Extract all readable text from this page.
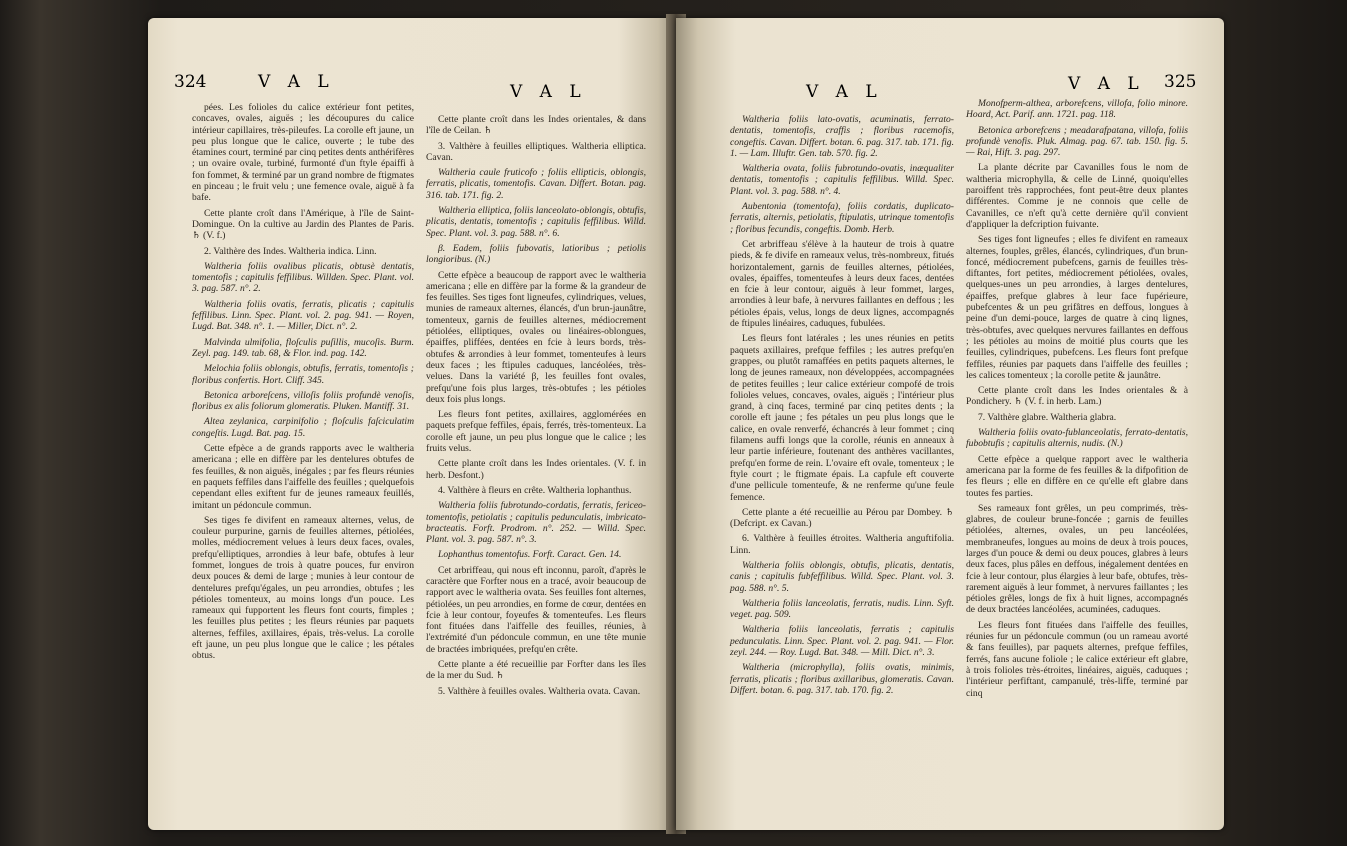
324	V A L	V A L

pées. Les folioles du calice extérieur font petites, concaves, ovales, aiguës ; les découpures du calice intérieur capillaires, très-pileufes. La corolle eft jaune, un peu plus longue que le calice, ouverte ; le tube des étamines court, terminé par cinq petites dents anthérifères ; un ovaire ovale, turbiné, furmonté d'un ftyle épaiffi à fon fommet, & terminé par un grand nombre de ftigmates en pinceau ; le fruit velu ; une femence ovale, aiguë à fa bafe.

Cette plante croît dans l'Amérique, à l'île de Saint-Domingue. On la cultive au Jardin des Plantes de Paris. ♄ (V. f.)

2. Valthère des Indes. Waltheria indica. Linn.

Waltheria foliis ovalibus plicatis, obtusè dentatis, tomentofis ; capitulis feffilibus. Willden. Spec. Plant. vol. 3. pag. 587. n°. 2.

Waltheria foliis ovatis, ferratis, plicatis ; capitulis feffilibus. Linn. Spec. Plant. vol. 2. pag. 941. — Royen, Lugd. Bat. 348. n°. 1. — Miller, Dict. n°. 2.

Malvinda ulmifolia, floſculis puſillis, mucoſis. Burm. Zeyl. pag. 149. tab. 68, & Flor. ind. pag. 142.

Melochia foliis oblongis, obtufis, ferratis, tomentoſis ; floribus confertis. Hort. Cliff. 345.

Betonica arboreſcens, villoſis foliis profundè venoſis, floribus ex alis foliorum glomeratis. Pluken. Mantiff. 31.

Altea zeylanica, carpinifolio ; floſculis faſciculatim congeſtis. Lugd. Bat. pag. 15.

Cette efpèce a de grands rapports avec le waltheria americana ; elle en diffère par les dentelures obtufes de fes feuilles, & non aiguës, inégales ; par fes fleurs réunies en paquets feffiles dans l'aiffelle des feuilles ; quelquefois cependant elles exiftent fur de jeunes rameaux feuillés, imitant un pédoncule commun.

Ses tiges fe divifent en rameaux alternes, velus, de couleur purpurine, garnis de feuilles alternes, pétiolées, molles, médiocrement velues à leurs deux faces, ovales, prefqu'elliptiques, arrondies à leur bafe, obtufes à leur fommet, longues de trois à quatre pouces, fur environ deux pouces & demi de large ; munies à leur contour de dentelures prefqu'égales, un peu arrondies, obtufes ; les pétioles tomenteux, au moins longs d'un pouce. Les rameaux qui fupportent les fleurs font courts, fimples ; les feuilles plus petites ; les fleurs réunies par paquets alternes, feffiles, axillaires, épais, très-velus. La corolle eft jaune, un peu plus longue que le calice ; les pétales obtus.

Cette plante croît dans les Indes orientales, & dans l'île de Ceilan. ♄

3. Valthère à feuilles elliptiques. Waltheria elliptica. Cavan.

Waltheria caule fruticofo ; foliis ellipticis, oblongis, ferratis, plicatis, tomentofis. Cavan. Differt. Botan. pag. 316. tab. 171. fig. 2.

Waltheria elliptica, foliis lanceolato-oblongis, obtufis, plicatis, dentatis, tomentofis ; capitulis feffilibus. Willd. Spec. Plant. vol. 3. pag. 588. n°. 6.

β. Eadem, foliis fubovatis, latioribus ; petiolis longioribus. (N.)

Cette efpèce a beaucoup de rapport avec le waltheria americana ; elle en diffère par la forme & la grandeur de fes feuilles. Ses tiges font ligneufes, cylindriques, velues, munies de rameaux alternes, élancés, d'un brun-jaunâtre, tomenteux, garnis de feuilles alternes, médiocrement pétiolées, elliptiques, ovales ou linéaires-oblongues, épaiffes, pliffées, dentées en fcie à leurs bords, très-obtufes & arrondies à leur fommet, tomenteufes à leurs deux faces ; les ftipules caduques, lancéolées, très-velues. Dans la variété β, les feuilles font ovales, prefqu'une fois plus larges, très-obtufes ; les pétioles deux fois plus longs.

Les fleurs font petites, axillaires, agglomérées en paquets prefque feffiles, épais, ferrés, très-tomenteux. La corolle eft jaune, un peu plus longue que le calice ; les fruits velus.

Cette plante croît dans les Indes orientales. (V. f. in herb. Desfont.)

4. Valthère à fleurs en crête. Waltheria lophanthus.

Waltheria foliis fubrotundo-cordatis, ferratis, fericeo-tomentofis, petiolatis ; capitulis pedunculatis, imbricato-bracteatis. Forft. Prodrom. n°. 252. — Willd. Spec. Plant. vol. 3. pag. 587. n°. 3.

Lophanthus tomentofus. Forft. Caract. Gen. 14.

Cet arbriffeau, qui nous eft inconnu, paroît, d'après le caractère que Forfter nous en a tracé, avoir beaucoup de rapport avec le waltheria ovata. Ses feuilles font alternes, pétiolées, un peu arrondies, en forme de cœur, dentées en fcie à leur contour, foyeufes & tomenteufes. Les fleurs font fituées dans l'aiffelle des feuilles, réunies, à l'extrémité d'un pédoncule commun, en une tête munie de bractées imbriquées, prefqu'en crête.

Cette plante a été recueillie par Forfter dans les îles de la mer du Sud. ♄

5. Valthère à feuilles ovales. Waltheria ovata. Cavan.

V A L	V A L 325

Waltheria foliis lato-ovatis, acuminatis, ferrato-dentatis, tomentofis, craffis ; floribus racemofis, congeftis. Cavan. Differt. botan. 6. pag. 317. tab. 171. fig. 1. — Lam. Illuftr. Gen. tab. 570. fig. 2.

Waltheria ovata, foliis fubrotundo-ovatis, inæqualiter dentatis, tomentofis ; capitulis feffilibus. Willd. Spec. Plant. vol. 3. pag. 588. n°. 4.

Aubentonia (tomentofa), foliis cordatis, duplicato-ferratis, alternis, petiolatis, ftipulatis, utrinque tomentofis ; floribus fecundis, congeftis. Domb. Herb.

Cet arbriffeau s'élève à la hauteur de trois à quatre pieds, & fe divife en rameaux velus, très-nombreux, fitués horizontalement, garnis de feuilles alternes, pétiolées, ovales, épaiffes, tomenteufes à leurs deux faces, dentées en fcie à leur contour, aiguës à leur fommet, larges, arrondies à leur bafe, à nervures faillantes en deffous ; les pétioles épais, velus, longs de deux lignes, accompagnés de ftipules linéaires, caduques, fubulées.

Les fleurs font latérales ; les unes réunies en petits paquets axillaires, prefque feffiles ; les autres prefqu'en grappes, ou plutôt ramaffées en petits paquets alternes, le long de jeunes rameaux, non développées, accompagnées de petites feuilles ; leur calice extérieur compofé de trois folioles velues, concaves, ovales, aiguës ; l'intérieur plus grand, à cinq faces, terminé par cinq petites dents ; la corolle eft jaune ; fes pétales un peu plus longs que le calice, en ovale renverfé, échancrés à leur fommet ; cinq filamens auffi longs que la corolle, réunis en anneaux à leur partie inférieure, foutenant des anthères vacillantes, prefqu'en forme de rein. L'ovaire eft ovale, tomenteux ; le ftyle court ; le ftigmate épais. La capfule eft couverte d'une pellicule tomenteufe, & ne renferme qu'une feule femence.

Cette plante a été recueillie au Pérou par Dombey. ♄ (Defcript. ex Cavan.)

6. Valthère à feuilles étroites. Waltheria anguftifolia. Linn.

Waltheria foliis oblongis, obtufis, plicatis, dentatis, canis ; capitulis fubfeffilibus. Willd. Spec. Plant. vol. 3. pag. 588. n°. 5.

Waltheria foliis lanceolatis, ferratis, nudis. Linn. Syft. veget. pag. 509.

Waltheria foliis lanceolatis, ferratis ; capitulis pedunculatis. Linn. Spec. Plant. vol. 2. pag. 941. — Flor. zeyl. 244. — Roy. Lugd. Bat. 348. — Mill. Dict. n°. 3.

Waltheria (microphylla), foliis ovatis, minimis, ferratis, plicatis ; floribus axillaribus, glomeratis. Cavan. Differt. botan. 6. pag. 317. tab. 170. fig. 2.

Monofperm-althea, arborefcens, villofa, folio minore. Hoard, Act. Parif. ann. 1721. pag. 118.

Betonica arborefcens ; meadarafpatana, villofa, foliis profundè venofis. Pluk. Almag. pag. 67. tab. 150. fig. 5. — Rai, Hift. 3. pag. 297.

La plante décrite par Cavanilles fous le nom de waltheria microphylla, & celle de Linné, quoiqu'elles paroiffent très rapprochées, font peut-être deux plantes différentes. Comme je ne connois que celle de Cavanilles, ce n'eft qu'à cette dernière qu'il convient d'appliquer la defcription fuivante.

Ses tiges font ligneufes ; elles fe divifent en rameaux alternes, fouples, grêles, élancés, cylindriques, d'un brun-foncé, médiocrement pubefcens, garnis de feuilles très-diftantes, fort petites, médiocrement pétiolées, ovales, quelques-unes un peu arrondies, à larges dentelures, épaiffes, prefque glabres à leur face fupérieure, pubefcentes & un peu grifâtres en deffous, longues à peine d'un demi-pouce, larges de quatre à cinq lignes, très-obtufes, avec quelques nervures faillantes en deffous ; les pétioles au moins de moitié plus courts que les feuilles, cylindriques, pubefcens. Les fleurs font prefque feffiles, réunies par paquets dans l'aiffelle des feuilles ; les calices tomenteux ; la corolle petite & jaunâtre.

Cette plante croît dans les Indes orientales & à Pondichery. ♄ (V. f. in herb. Lam.)

7. Valthère glabre. Waltheria glabra.

Waltheria foliis ovato-fublanceolatis, ferrato-dentatis, fubobtufis ; capitulis alternis, nudis. (N.)

Cette efpèce a quelque rapport avec le waltheria americana par la forme de fes feuilles & la difpofition de fes fleurs ; elle en diffère en ce qu'elle eft glabre dans toutes fes parties.

Ses rameaux font grêles, un peu comprimés, très-glabres, de couleur brune-foncée ; garnis de feuilles pétiolées, alternes, ovales, un peu lancéolées, membraneufes, longues au moins de deux à trois pouces, larges d'un pouce & demi ou deux pouces, glabres à leurs deux faces, plus pâles en deffous, inégalement dentées en fcie à leur contour, plus élargies à leur bafe, obtufes, très-rarement aiguës à leur fommet, à nervures faillantes ; les pétioles grêles, longs de fix à huit lignes, accompagnés de deux bractées lancéolées, acuminées, caduques.

Les fleurs font fituées dans l'aiffelle des feuilles, réunies fur un pédoncule commun (ou un rameau avorté & fans feuilles), par paquets alternes, prefque feffiles, ferrés, fans aucune foliole ; le calice extérieur eft glabre, à trois folioles très-étroites, linéaires, aiguës, caduques ; l'intérieur perfiftant, campanulé, très-liffe, terminé par cinq
